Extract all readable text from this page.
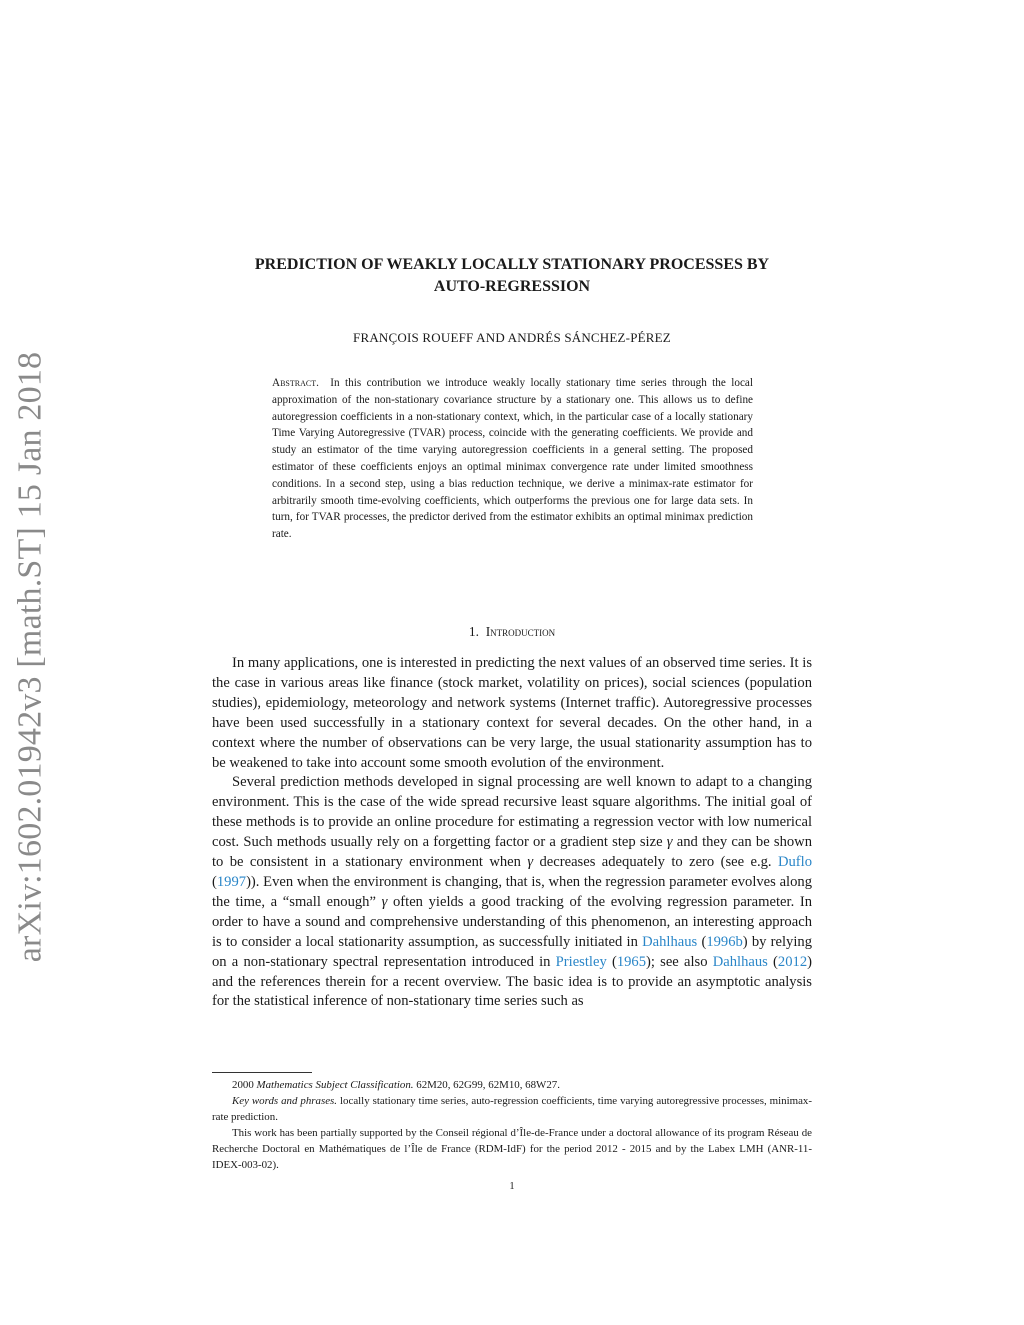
arXiv:1602.01942v3 [math.ST] 15 Jan 2018
PREDICTION OF WEAKLY LOCALLY STATIONARY PROCESSES BY
AUTO-REGRESSION
FRANÇOIS ROUEFF AND ANDRÉS SÁNCHEZ-PÉREZ
Abstract. In this contribution we introduce weakly locally stationary time series through the local approximation of the non-stationary covariance structure by a stationary one. This allows us to define autoregression coefficients in a non-stationary context, which, in the particular case of a locally stationary Time Varying Autoregressive (TVAR) process, coincide with the generating coefficients. We provide and study an estimator of the time varying autoregression coefficients in a general setting. The proposed estimator of these coefficients enjoys an optimal minimax convergence rate under limited smoothness conditions. In a second step, using a bias reduction technique, we derive a minimax-rate estimator for arbitrarily smooth time-evolving coefficients, which outperforms the previous one for large data sets. In turn, for TVAR processes, the predictor derived from the estimator exhibits an optimal minimax prediction rate.
1. Introduction

In many applications, one is interested in predicting the next values of an observed time series. It is the case in various areas like finance (stock market, volatility on prices), social sciences (population studies), epidemiology, meteorology and network systems (Internet traffic). Autoregressive processes have been used successfully in a stationary context for several decades. On the other hand, in a context where the number of observations can be very large, the usual stationarity assumption has to be weakened to take into account some smooth evolution of the environment.

Several prediction methods developed in signal processing are well known to adapt to a changing environment. This is the case of the wide spread recursive least square algorithms. The initial goal of these methods is to provide an online procedure for estimating a regression vector with low numerical cost. Such methods usually rely on a forgetting factor or a gradient step size γ and they can be shown to be consistent in a stationary environment when γ decreases adequately to zero (see e.g. Duflo (1997)). Even when the environment is changing, that is, when the regression parameter evolves along the time, a “small enough” γ often yields a good tracking of the evolving regression parameter. In order to have a sound and comprehensive understanding of this phenomenon, an interesting approach is to consider a local stationarity assumption, as successfully initiated in Dahlhaus (1996b) by relying on a non-stationary spectral representation introduced in Priestley (1965); see also Dahlhaus (2012) and the references therein for a recent overview. The basic idea is to provide an asymptotic analysis for the statistical inference of non-stationary time series such as

2000 Mathematics Subject Classification. 62M20, 62G99, 62M10, 68W27.

Key words and phrases. locally stationary time series, auto-regression coefficients, time varying autoregressive processes, minimax-rate prediction.

This work has been partially supported by the Conseil régional d’Île-de-France under a doctoral allowance of its program Réseau de Recherche Doctoral en Mathématiques de l’Île de France (RDM-IdF) for the period 2012 - 2015 and by the Labex LMH (ANR-11-IDEX-003-02).

1
